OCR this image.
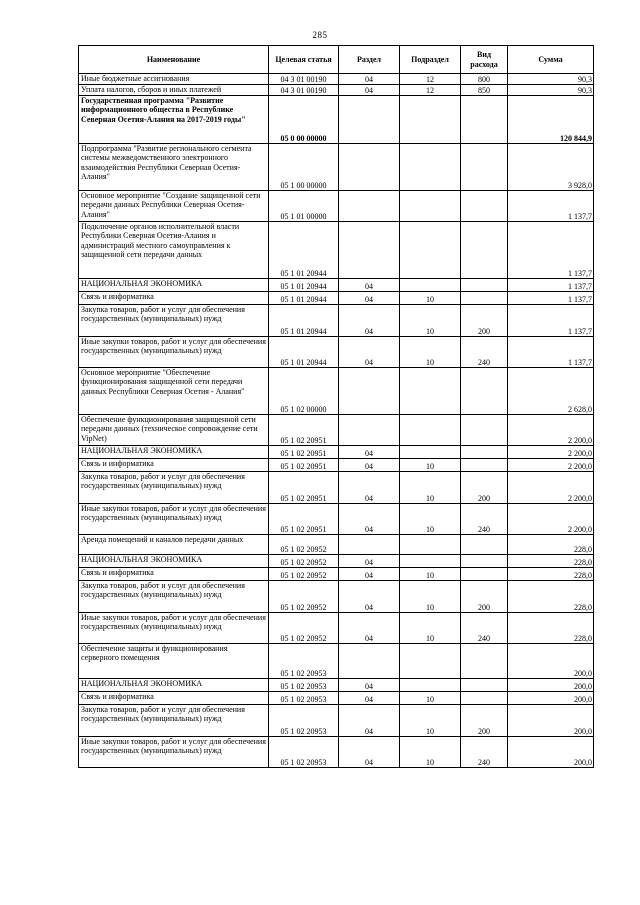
285
Наименование	Целевая статья	Раздел	Подраздел	Вид расхода	Сумма
Иные бюджетные ассигнования	04 3 01 00190	04	12	800	90,3
Уплата налогов, сборов и иных платежей	04 3 01 00190	04	12	850	90,3
Государственная программа "Развитие информационного общества в Республике Северная Осетия-Алания на 2017-2019 годы"	05 0 00 00000				120 844,9
Подпрограмма "Развитие регионального сегмента системы межведомственного электронного взаимодействия Республики Северная Осетия-Алания"	05 1 00 00000				3 928,0
Основное мероприятие "Создание защищенной сети передачи данных Республики Северная Осетия-Алания"	05 1 01 00000				1 137,7
Подключение органов исполнительной власти Республики Северная Осетия-Алания и администраций местного самоуправления к защищенной сети передачи данных	05 1 01 20944				1 137,7
НАЦИОНАЛЬНАЯ ЭКОНОМИКА	05 1 01 20944	04			1 137,7
Связь и информатика	05 1 01 20944	04	10		1 137,7
Закупка товаров, работ и услуг для обеспечения государственных (муниципальных) нужд	05 1 01 20944	04	10	200	1 137,7
Иные закупки товаров, работ и услуг для обеспечения государственных (муниципальных) нужд	05 1 01 20944	04	10	240	1 137,7
Основное мероприятие "Обеспечение функционирования защищенной сети передачи данных Республики Северная Осетия - Алания"	05 1 02 00000				2 628,0
Обеспечение функционирования защищенной сети передачи данных (техническое сопровождение сети VipNet)	05 1 02 20951				2 200,0
НАЦИОНАЛЬНАЯ ЭКОНОМИКА	05 1 02 20951	04			2 200,0
Связь и информатика	05 1 02 20951	04	10		2 200,0
Закупка товаров, работ и услуг для обеспечения государственных (муниципальных) нужд	05 1 02 20951	04	10	200	2 200,0
Иные закупки товаров, работ и услуг для обеспечения государственных (муниципальных) нужд	05 1 02 20951	04	10	240	2 200,0
Аренда помещений и каналов передачи данных	05 1 02 20952				228,0
НАЦИОНАЛЬНАЯ ЭКОНОМИКА	05 1 02 20952	04			228,0
Связь и информатика	05 1 02 20952	04	10		228,0
Закупка товаров, работ и услуг для обеспечения государственных (муниципальных) нужд	05 1 02 20952	04	10	200	228,0
Иные закупки товаров, работ и услуг для обеспечения государственных (муниципальных) нужд	05 1 02 20952	04	10	240	228,0
Обеспечение защиты и функционирования серверного помещения	05 1 02 20953				200,0
НАЦИОНАЛЬНАЯ ЭКОНОМИКА	05 1 02 20953	04			200,0
Связь и информатика	05 1 02 20953	04	10		200,0
Закупка товаров, работ и услуг для обеспечения государственных (муниципальных) нужд	05 1 02 20953	04	10	200	200,0
Иные закупки товаров, работ и услуг для обеспечения государственных (муниципальных) нужд	05 1 02 20953	04	10	240	200,0
